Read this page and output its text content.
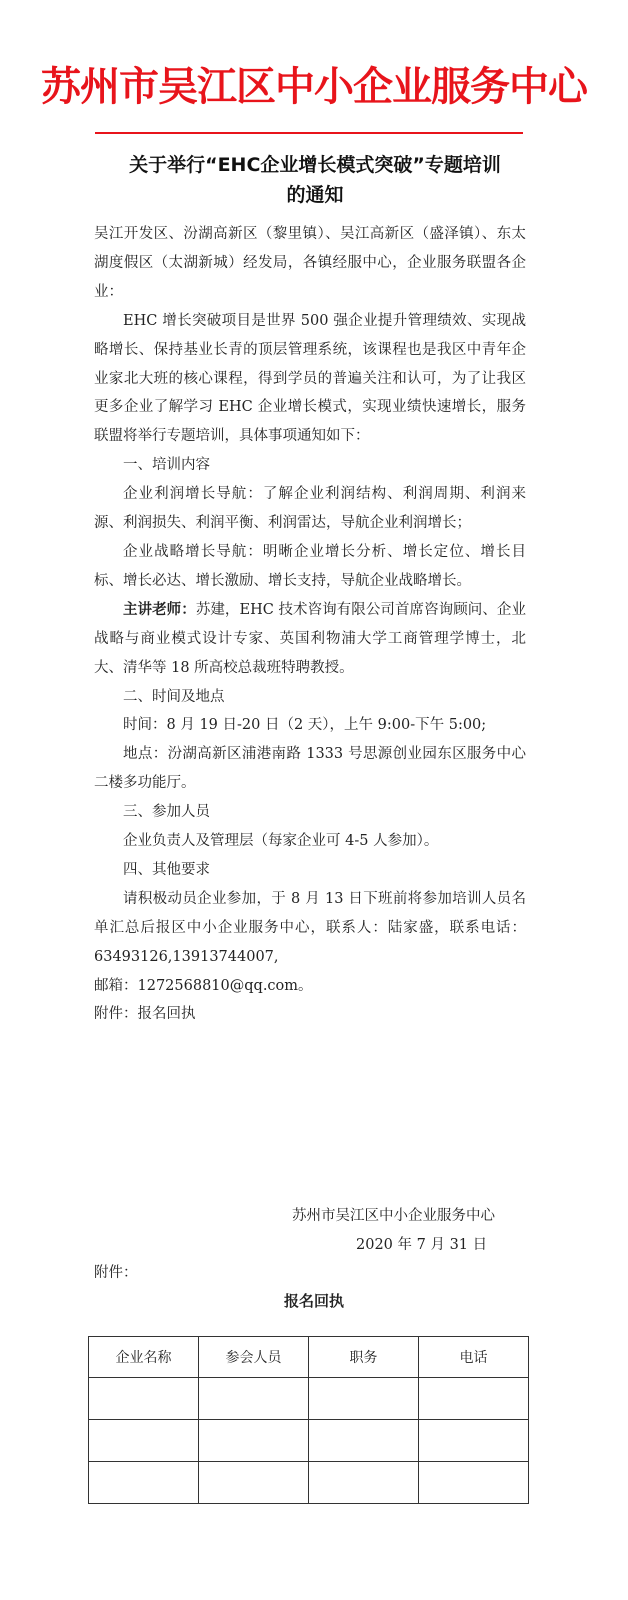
苏州市吴江区中小企业服务中心
关于举行“EHC企业增长模式突破”专题培训
的通知

吴江开发区、汾湖高新区（黎里镇）、吴江高新区（盛泽镇）、东太湖度假区（太湖新城）经发局，各镇经服中心，企业服务联盟各企业：

EHC 增长突破项目是世界 500 强企业提升管理绩效、实现战略增长、保持基业长青的顶层管理系统，该课程也是我区中青年企业家北大班的核心课程，得到学员的普遍关注和认可，为了让我区更多企业了解学习 EHC 企业增长模式，实现业绩快速增长，服务联盟将举行专题培训，具体事项通知如下：

一、培训内容

企业利润增长导航：了解企业利润结构、利润周期、利润来源、利润损失、利润平衡、利润雷达，导航企业利润增长；

企业战略增长导航：明晰企业增长分析、增长定位、增长目标、增长必达、增长激励、增长支持，导航企业战略增长。

主讲老师：苏建，EHC 技术咨询有限公司首席咨询顾问、企业战略与商业模式设计专家、英国利物浦大学工商管理学博士，北大、清华等 18 所高校总裁班特聘教授。

二、时间及地点

时间：8 月 19 日-20 日（2 天），上午 9:00-下午 5:00;

地点：汾湖高新区浦港南路 1333 号思源创业园东区服务中心二楼多功能厅。

三、参加人员

企业负责人及管理层（每家企业可 4-5 人参加）。

四、其他要求

请积极动员企业参加，于 8 月 13 日下班前将参加培训人员名单汇总后报区中小企业服务中心，联系人：陆家盛，联系电话：63493126,13913744007,

邮箱：1272568810@qq.com。

附件：报名回执

苏州市吴江区中小企业服务中心
2020 年 7 月 31 日
附件：
报名回执
企业名称	参会人员	职务	电话
